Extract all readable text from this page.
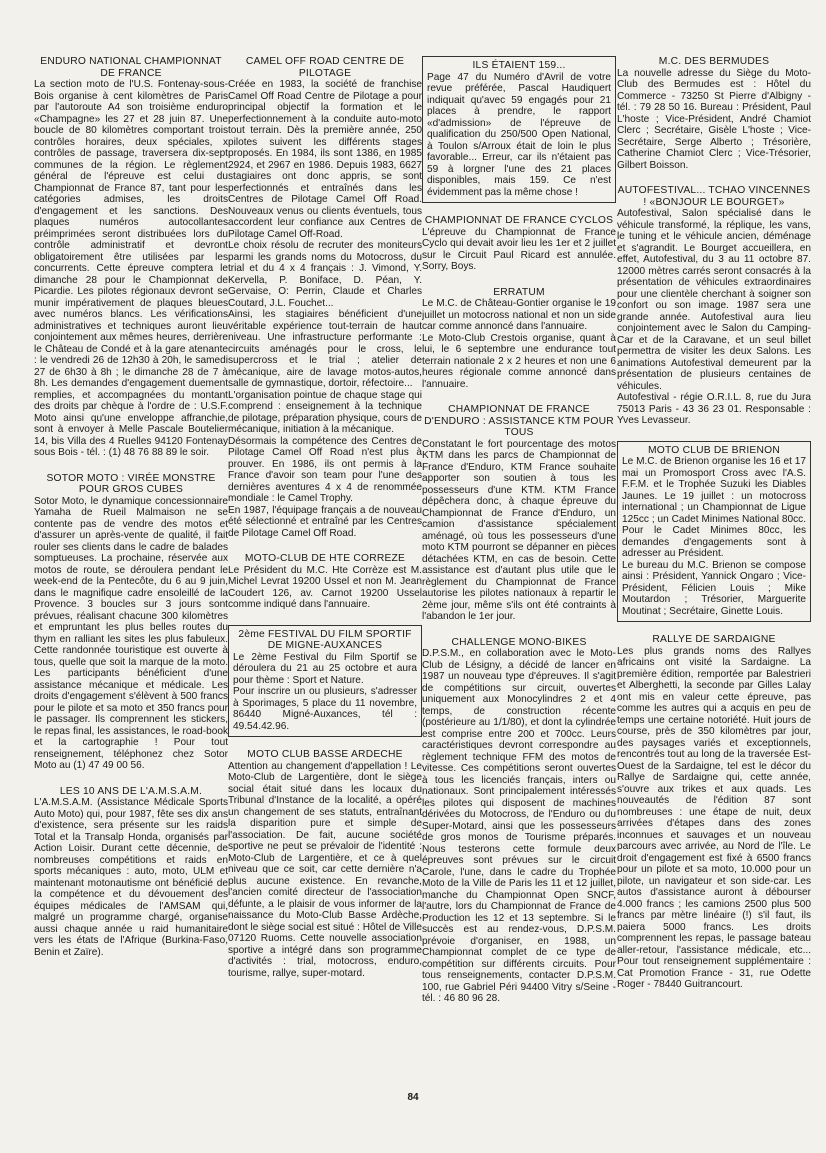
ENDURO NATIONAL CHAMPIONNAT DE FRANCE

La section moto de l'U.S. Fontenay-sous-Bois organise à cent kilomètres de Paris par l'autoroute A4 son troisième enduro «Champagne» les 27 et 28 juin 87. Une boucle de 80 kilomètres comportant trois contrôles horaires, deux spéciales, x contrôles de passage, traversera dix-sept communes de la région. Le règlement général de l'épreuve est celui du Championnat de France 87, tant pour les catégories admises, les droits d'engagement et les sanctions. Des plaques numéros autocollantes préimprimées seront distribuées lors du contrôle administratif et devront obligatoirement être utilisées par les concurrents. Cette épreuve comptera le dimanche 28 pour le Championnat de Picardie. Les pilotes régionaux devront se munir impérativement de plaques bleues avec numéros blancs. Les vérifications administratives et techniques auront lieu conjointement aux mêmes heures, derrière le Château de Condé et à la gare atenante : le vendredi 26 de 12h30 à 20h, le samedi 27 de 6h30 à 8h ; le dimanche 28 de 7 à 8h. Les demandes d'engagement duement remplies, et accompagnées du montant des droits par chèque à l'ordre de : U.S.F. Moto ainsi qu'une enveloppe affranchie, sont à envoyer à Melle Pascale Boutelier 14, bis Villa des 4 Ruelles 94120 Fontenay sous Bois - tél. : (1) 48 76 88 89 le soir.

SOTOR MOTO : VIRÉE MONSTRE POUR GROS CUBES

Sotor Moto, le dynamique concessionnaire Yamaha de Rueil Malmaison ne se contente pas de vendre des motos et d'assurer un après-vente de qualité, il fait rouler ses clients dans le cadre de balades somptueuses. La prochaine, réservée aux motos de route, se déroulera pendant le week-end de la Pentecôte, du 6 au 9 juin, dans le magnifique cadre ensoleillé de la Provence. 3 boucles sur 3 jours sont prévues, réalisant chacune 300 kilomètres et empruntant les plus belles routes du thym en ralliant les sites les plus fabuleux. Cette randonnée touristique est ouverte à tous, quelle que soit la marque de la moto. Les participants bénéficient d'une assistance mécanique et médicale. Les droits d'engagement s'élèvent à 500 francs pour le pilote et sa moto et 350 francs pour le passager. Ils comprennent les stickers, le repas final, les assistances, le road-book et la cartographie ! Pour tout renseignement, téléphonez chez Sotor Moto au (1) 47 49 00 56.

LES 10 ANS DE L'A.M.S.A.M.

L'A.M.S.A.M. (Assistance Médicale Sports Auto Moto) qui, pour 1987, fête ses dix ans d'existence, sera présente sur les raids Total et la Transalp Honda, organisés par Action Loisir. Durant cette décennie, de nombreuses compétitions et raids en sports mécaniques : auto, moto, ULM et maintenant motonautisme ont bénéficié de la compétence et du dévouement des équipes médicales de l'AMSAM qui, malgré un programme chargé, organise aussi chaque année u raid humanitaire vers les états de l'Afrique (Burkina-Faso, Benin et Zaïre).

CAMEL OFF ROAD CENTRE DE PILOTAGE

Créée en 1983, la société de franchise Camel Off Road Centre de Pilotage a pour principal objectif la formation et le perfectionnement à la conduite auto-moto tout terrain. Dès la première année, 250 pilotes suivent les différents stages proposés. En 1984, ils sont 1386, en 1985 2924, et 2967 en 1986. Depuis 1983, 6627 stagiaires ont donc appris, se sont perfectionnés et entraînés dans les Centres de Pilotage Camel Off Road. Nouveaux venus ou clients éventuels, tous accordent leur confiance aux Centres de Pilotage Camel Off-Road.

Le choix résolu de recruter des moniteurs parmi les grands noms du Motocross, du trial et du 4 x 4 français : J. Vimond, Y. Kervella, P. Boniface, D. Péan, Y. Gervaise, O: Perrin, Claude et Charles Coutard, J.L. Fouchet...

Ainsi, les stagiaires bénéficient d'une véritable expérience tout-terrain de haut niveau. Une infrastructure performante : circuits aménagés pour le cross, le supercross et le trial ; atelier de mécanique, aire de lavage motos-autos, salle de gymnastique, dortoir, réfectoire...

L'organisation pointue de chaque stage qui comprend : enseignement à la technique de pilotage, préparation physique, cours de mécanique, initiation à la mécanique.

Désormais la compétence des Centres de Pilotage Camel Off Road n'est plus à prouver. En 1986, ils ont permis à la France d'avoir son team pour l'une des dernières aventures 4 x 4 de renommée mondiale : le Camel Trophy.

En 1987, l'équipage français a de nouveau été sélectionné et entraîné par les Centres de Pilotage Camel Off Road.

MOTO-CLUB DE HTE CORREZE

Le Président du M.C. Hte Corrèze est M. Michel Levrat 19200 Ussel et non M. Jean Coudert 126, av. Carnot 19200 Ussel comme indiqué dans l'annuaire.

2ème FESTIVAL DU FILM SPORTIF DE MIGNE-AUXANCES

Le 2ème Festival du Film Sportif se déroulera du 21 au 25 octobre et aura pour thème : Sport et Nature.

Pour inscrire un ou plusieurs, s'adresser à Sporimages, 5 place du 11 novembre, 86440 Migné-Auxances, tél : 49.54.42.96.

MOTO CLUB BASSE ARDECHE

Attention au changement d'appellation ! Le Moto-Club de Largentière, dont le siège social était situé dans les locaux du Tribunal d'Instance de la localité, a opéré un changement de ses statuts, entraînant la disparition pure et simple de l'association. De fait, aucune société sportive ne peut se prévaloir de l'identité : Moto-Club de Largentière, et ce à quel niveau que ce soit, car cette dernière n'a plus aucune existence. En revanche, l'ancien comité directeur de l'association défunte, a le plaisir de vous informer de la naissance du Moto-Club Basse Ardèche, dont le siège social est situé : Hôtel de Ville 07120 Ruoms. Cette nouvelle association sportive a intégré dans son programme d'activités : trial, motocross, enduro, tourisme, rallye, super-motard.

ILS ÉTAIENT 159...

Page 47 du Numéro d'Avril de votre revue préférée, Pascal Haudiquert indiquait qu'avec 59 engagés pour 21 places à prendre, le rapport «d'admission» de l'épreuve de qualification du 250/500 Open National, à Toulon s/Arroux était de loin le plus favorable... Erreur, car ils n'étaient pas 59 à lorgner l'une des 21 places disponibles, mais 159. Ce n'est évidemment pas la même chose !

CHAMPIONNAT DE FRANCE CYCLOS

L'épreuve du Championnat de France Cyclo qui devait avoir lieu les 1er et 2 juillet sur le Circuit Paul Ricard est annulée. Sorry, Boys.

ERRATUM

Le M.C. de Château-Gontier organise le 19 juillet un motocross national et non un side car comme annoncé dans l'annuaire.

Le Moto-Club Crestois organise, quant à lui, le 6 septembre une endurance tout terrain nationale 2 x 2 heures et non une 6 heures régionale comme annoncé dans l'annuaire.

CHAMPIONNAT DE FRANCE D'ENDURO : ASSISTANCE KTM POUR TOUS

Constatant le fort pourcentage des motos KTM dans les parcs de Championnat de France d'Enduro, KTM France souhaite apporter son soutien à tous les possesseurs d'une KTM. KTM France dépêchera donc, à chaque épreuve du Championnat de France d'Enduro, un camion d'assistance spécialement aménagé, où tous les possesseurs d'une moto KTM pourront se dépanner en pièces détachées KTM, en cas de besoin. Cette assistance est d'autant plus utile que le règlement du Championnat de France autorise les pilotes nationaux à repartir le 2ème jour, même s'ils ont été contraints à l'abandon le 1er jour.

CHALLENGE MONO-BIKES

D.P.S.M., en collaboration avec le Moto-Club de Lésigny, a décidé de lancer en 1987 un nouveau type d'épreuves. Il s'agit de compétitions sur circuit, ouvertes uniquement aux Monocylindres 2 et 4 temps, de construction récente (postérieure au 1/1/80), et dont la cylindrée est comprise entre 200 et 700cc. Leurs caractéristiques devront correspondre au règlement technique FFM des motos de vitesse. Ces compétitions seront ouvertes à tous les licenciés français, inters ou nationaux. Sont principalement intéressés les pilotes qui disposent de machines dérivées du Motocross, de l'Enduro ou du Super-Motard, ainsi que les possesseurs de gros monos de Tourisme préparés. Nous testerons cette formule deux épreuves sont prévues sur le circuit Carole, l'une, dans le cadre du Trophée Moto de la Ville de Paris les 11 et 12 juillet, manche du Championnat Open SNCF, l'autre, lors du Championnat de France de Production les 12 et 13 septembre. Si le succès est au rendez-vous, D.P.S.M. prévoie d'organiser, en 1988, un Championnat complet de ce type de compétition sur différents circuits. Pour tous renseignements, contacter D.P.S.M. 100, rue Gabriel Péri 94400 Vitry s/Seine - tél. : 46 80 96 28.

M.C. DES BERMUDES

La nouvelle adresse du Siège du Moto-Club des Bermudes est : Hôtel du Commerce - 73250 St Pierre d'Albigny - tél. : 79 28 50 16. Bureau : Président, Paul L'hoste ; Vice-Président, André Chamiot Clerc ; Secrétaire, Gisèle L'hoste ; Vice-Secrétaire, Serge Alberto ; Trésorière, Catherine Chamiot Clerc ; Vice-Trésorier, Gilbert Boisson.

AUTOFESTIVAL... TCHAO VINCENNES ! «BONJOUR LE BOURGET»

Autofestival, Salon spécialisé dans le véhicule transformé, la réplique, les vans, le tuning et le véhicule ancien, déménage et s'agrandit. Le Bourget accueillera, en effet, Autofestival, du 3 au 11 octobre 87. 12000 mètres carrés seront consacrés à la présentation de véhicules extraordinaires pour une clientèle cherchant à soigner son confort ou son image. 1987 sera une grande année. Autofestival aura lieu conjointement avec le Salon du Camping-Car et de la Caravane, et un seul billet permettra de visiter les deux Salons. Les animations Autofestival demeurent par la présentation de plusieurs centaines de véhicules.

Autofestival - régie O.R.I.L. 8, rue du Jura 75013 Paris - 43 36 23 01. Responsable : Yves Levasseur.

MOTO CLUB DE BRIENON

Le M.C. de Brienon organise les 16 et 17 mai un Promosport Cross avec l'A.S. F.F.M. et le Trophée Suzuki les Diables Jaunes. Le 19 juillet : un motocross international ; un Championnat de Ligue 125cc ; un Cadet Minimes National 80cc. Pour le Cadet Minimes 80cc, les demandes d'engagements sont à adresser au Président.

Le bureau du M.C. Brienon se compose ainsi : Président, Yannick Ongaro ; Vice-Président, Félicien Louis ; Mike Moutardon ; Trésorier, Marguerite Moutinat ; Secrétaire, Ginette Louis.

RALLYE DE SARDAIGNE

Les plus grands noms des Rallyes africains ont visité la Sardaigne. La première édition, remportée par Balestrieri et Alberghetti, la seconde par Gilles Lalay ont mis en valeur cette épreuve, pas comme les autres qui a acquis en peu de temps une certaine notoriété. Huit jours de course, près de 350 kilomètres par jour, des paysages variés et exceptionnels, rencontrés tout au long de la traversée Est-Ouest de la Sardaigne, tel est le décor du Rallye de Sardaigne qui, cette année, s'ouvre aux trikes et aux quads. Les nouveautés de l'édition 87 sont nombreuses : une étape de nuit, deux arrivées d'étapes dans des zones inconnues et sauvages et un nouveau parcours avec arrivée, au Nord de l'île. Le droit d'engagement est fixé à 6500 francs pour un pilote et sa moto, 10.000 pour un pilote, un navigateur et son side-car. Les autos d'assistance auront à débourser 4.000 francs ; les camions 2500 plus 500 francs par mètre linéaire (!) s'il faut, ils paiera 5000 francs. Les droits comprennent les repas, le passage bateau aller-retour, l'assistance médicale, etc... Pour tout renseignement supplémentaire : Cat Promotion France - 31, rue Odette Roger - 78440 Guitrancourt.

84
